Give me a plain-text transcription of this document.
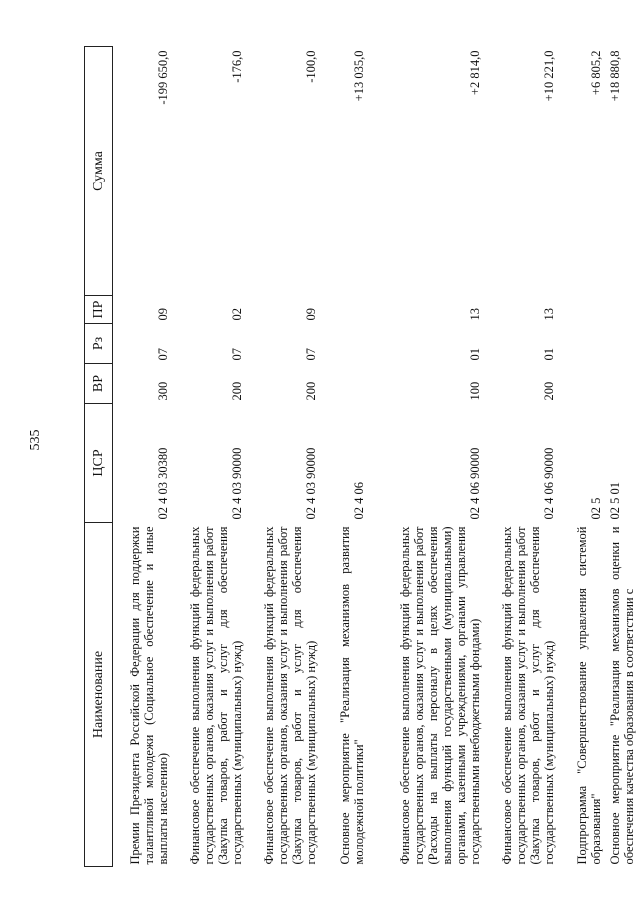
535
Наименование	ЦСР	ВР	Рз	ПР	Сумма
Премии Президента Российской Федерации для поддержки талантливой молодежи (Социальное обеспечение и иные выплаты населению)	02 4 03 30380	300	07	09	-199 650,0
Финансовое обеспечение выполнения функций федеральных государственных органов, оказания услуг и выполнения работ (Закупка товаров, работ и услуг для обеспечения государственных (муниципальных) нужд)	02 4 03 90000	200	07	02	-176,0
Финансовое обеспечение выполнения функций федеральных государственных органов, оказания услуг и выполнения работ (Закупка товаров, работ и услуг для обеспечения государственных (муниципальных) нужд)	02 4 03 90000	200	07	09	-100,0
Основное мероприятие "Реализация механизмов развития молодежной политики"	02 4 06				+13 035,0
Финансовое обеспечение выполнения функций федеральных государственных органов, оказания услуг и выполнения работ (Расходы на выплаты персоналу в целях обеспечения выполнения функций государственными (муниципальными) органами, казенными учреждениями, органами управления государственными внебюджетными фондами)	02 4 06 90000	100	01	13	+2 814,0
Финансовое обеспечение выполнения функций федеральных государственных органов, оказания услуг и выполнения работ (Закупка товаров, работ и услуг для обеспечения государственных (муниципальных) нужд)	02 4 06 90000	200	01	13	+10 221,0
Подпрограмма "Совершенствование управления системой образования"	02 5				+6 805,2
Основное мероприятие "Реализация механизмов оценки и обеспечения качества образования в соответствии с	02 5 01				+18 880,8
